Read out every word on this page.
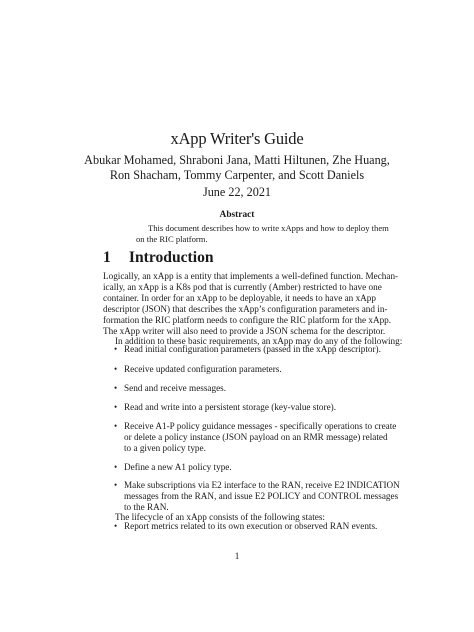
xApp Writer's Guide
Abukar Mohamed, Shraboni Jana, Matti Hiltunen, Zhe Huang,
Ron Shacham, Tommy Carpenter, and Scott Daniels
June 22, 2021
Abstract
This document describes how to write xApps and how to deploy them
on the RIC platform.
1 Introduction
Logically, an xApp is a entity that implements a well-defined function. Mechan-
ically, an xApp is a K8s pod that is currently (Amber) restricted to have one
container. In order for an xApp to be deployable, it needs to have an xApp
descriptor (JSON) that describes the xApp’s configuration parameters and in-
formation the RIC platform needs to configure the RIC platform for the xApp.
The xApp writer will also need to provide a JSON schema for the descriptor.
In addition to these basic requirements, an xApp may do any of the following:
• Read initial configuration parameters (passed in the xApp descriptor).
• Receive updated configuration parameters.
• Send and receive messages.
• Read and write into a persistent storage (key-value store).
• Receive A1-P policy guidance messages - specifically operations to create
or delete a policy instance (JSON payload on an RMR message) related
to a given policy type.
• Define a new A1 policy type.
• Make subscriptions via E2 interface to the RAN, receive E2 INDICATION
messages from the RAN, and issue E2 POLICY and CONTROL messages
to the RAN.
• Report metrics related to its own execution or observed RAN events.
The lifecycle of an xApp consists of the following states:
1
